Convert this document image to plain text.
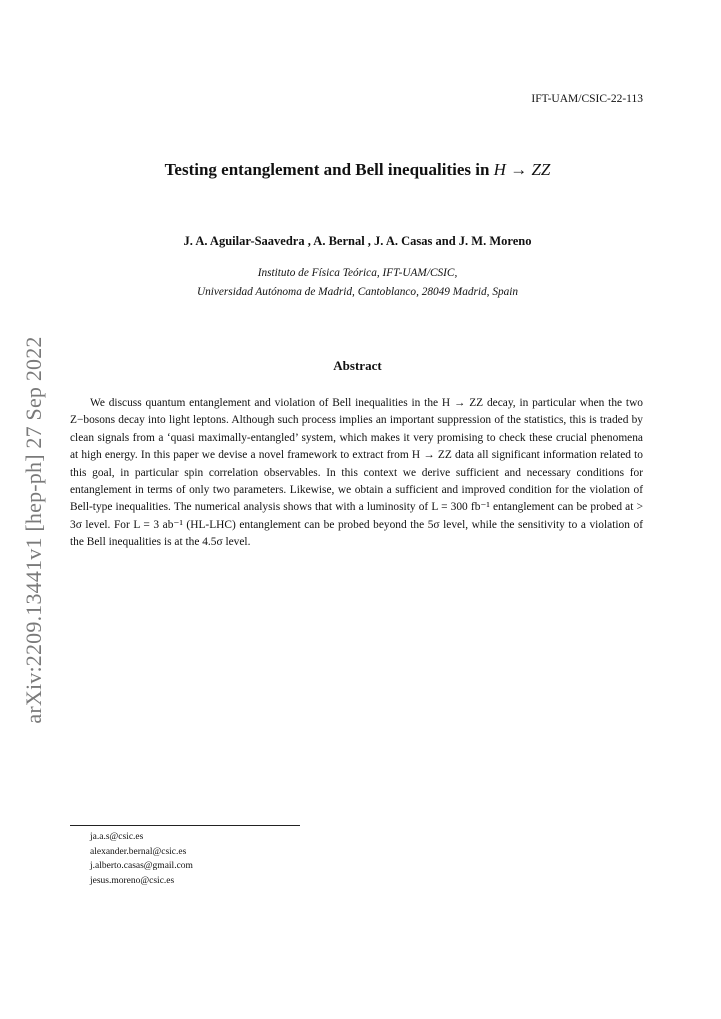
IFT-UAM/CSIC-22-113
arXiv:2209.13441v1 [hep-ph] 27 Sep 2022
Testing entanglement and Bell inequalities in H → ZZ
J. A. Aguilar-Saavedra , A. Bernal , J. A. Casas and J. M. Moreno
Instituto de Física Teórica, IFT-UAM/CSIC,
Universidad Autónoma de Madrid, Cantoblanco, 28049 Madrid, Spain
Abstract
We discuss quantum entanglement and violation of Bell inequalities in the H → ZZ decay, in particular when the two Z−bosons decay into light leptons. Although such process implies an important suppression of the statistics, this is traded by clean signals from a ‘quasi maximally-entangled’ system, which makes it very promising to check these crucial phenomena at high energy. In this paper we devise a novel framework to extract from H → ZZ data all significant information related to this goal, in particular spin correlation observables. In this context we derive sufficient and necessary conditions for entanglement in terms of only two parameters. Likewise, we obtain a sufficient and improved condition for the violation of Bell-type inequalities. The numerical analysis shows that with a luminosity of L = 300 fb⁻¹ entanglement can be probed at > 3σ level. For L = 3 ab⁻¹ (HL-LHC) entanglement can be probed beyond the 5σ level, while the sensitivity to a violation of the Bell inequalities is at the 4.5σ level.
ja.a.s@csic.es
alexander.bernal@csic.es
j.alberto.casas@gmail.com
jesus.moreno@csic.es
